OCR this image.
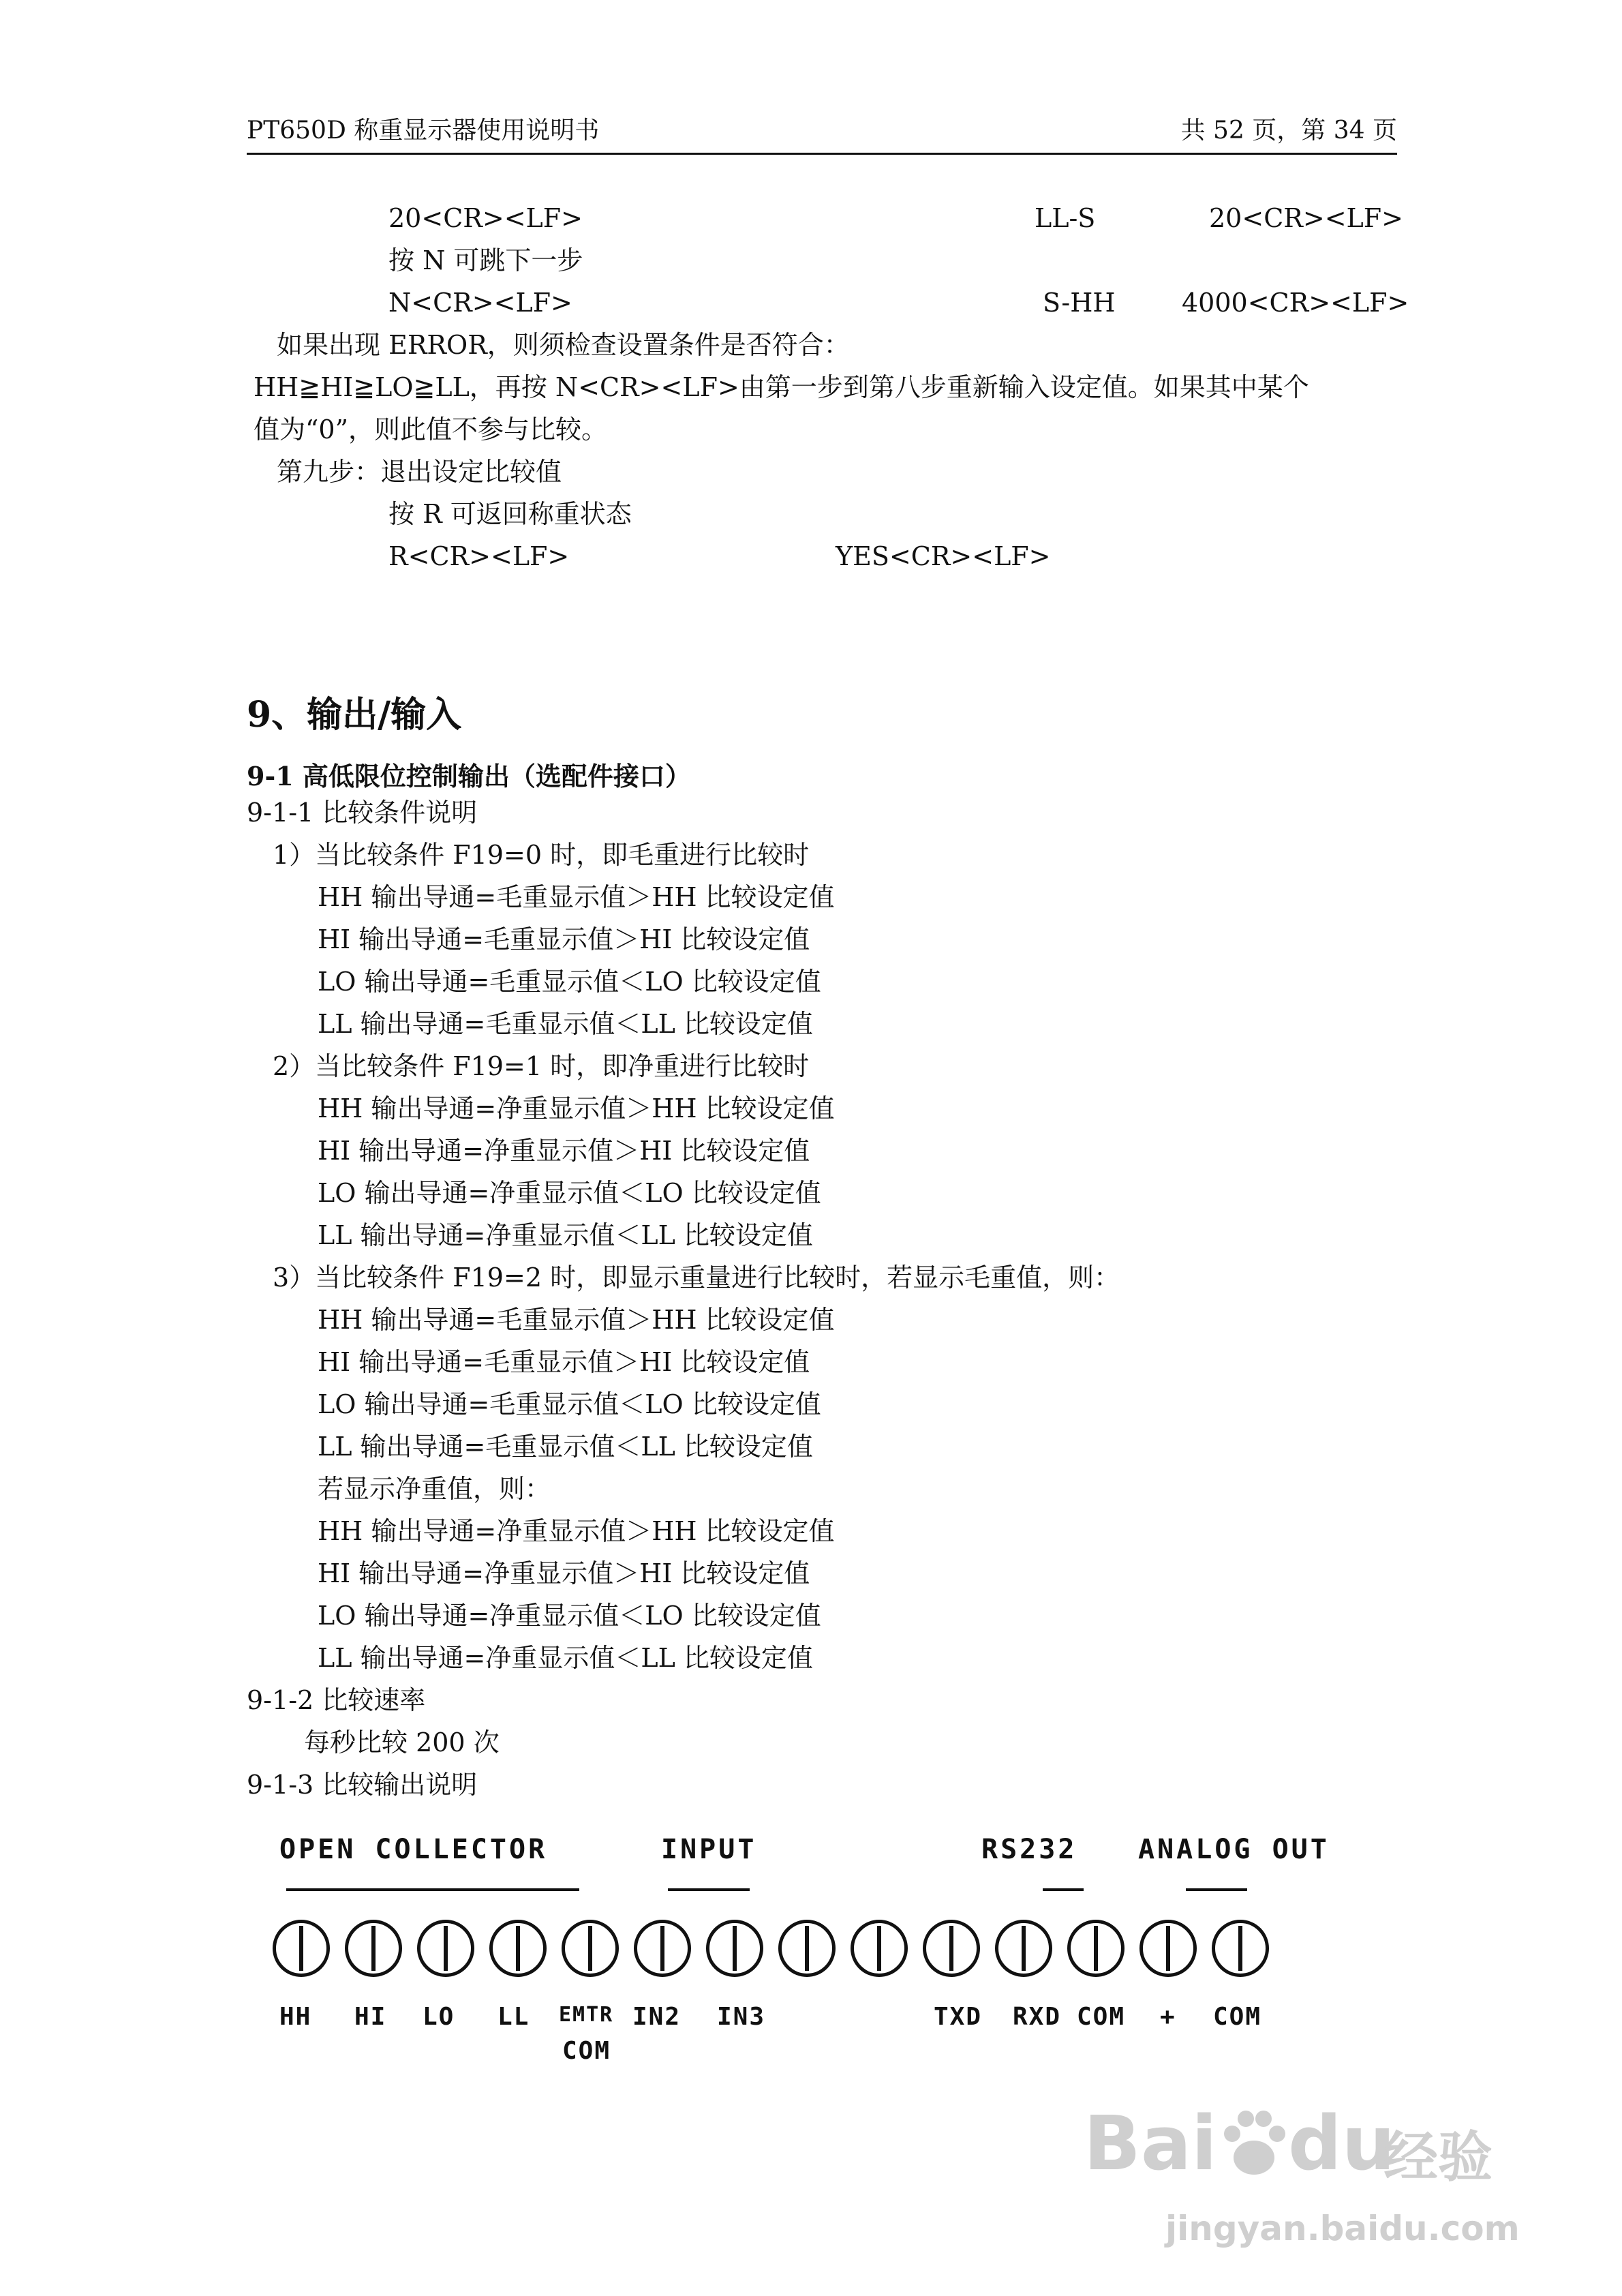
PT650D 称重显示器使用说明书	共 52 页，第 34 页
20<CR><LF>	LL-S	20<CR><LF>
按 N 可跳下一步
N<CR><LF>	S-HH	4000<CR><LF>
如果出现 ERROR，则须检查设置条件是否符合：
HH≧HI≧LO≧LL，再按 N<CR><LF>由第一步到第八步重新输入设定值。如果其中某个
值为“0”，则此值不参与比较。
第九步：退出设定比较值
按 R 可返回称重状态
R<CR><LF>	YES<CR><LF>
9、输出/输入
9-1 高低限位控制输出（选配件接口）
9-1-1 比较条件说明
1）当比较条件 F19=0 时，即毛重进行比较时
HH 输出导通=毛重显示值＞HH 比较设定值
HI 输出导通=毛重显示值＞HI 比较设定值
LO 输出导通=毛重显示值＜LO 比较设定值
LL 输出导通=毛重显示值＜LL 比较设定值
2）当比较条件 F19=1 时，即净重进行比较时
HH 输出导通=净重显示值＞HH 比较设定值
HI 输出导通=净重显示值＞HI 比较设定值
LO 输出导通=净重显示值＜LO 比较设定值
LL 输出导通=净重显示值＜LL 比较设定值
3）当比较条件 F19=2 时，即显示重量进行比较时，若显示毛重值，则：
HH 输出导通=毛重显示值＞HH 比较设定值
HI 输出导通=毛重显示值＞HI 比较设定值
LO 输出导通=毛重显示值＜LO 比较设定值
LL 输出导通=毛重显示值＜LL 比较设定值
若显示净重值，则：
HH 输出导通=净重显示值＞HH 比较设定值
HI 输出导通=净重显示值＞HI 比较设定值
LO 输出导通=净重显示值＜LO 比较设定值
LL 输出导通=净重显示值＜LL 比较设定值
9-1-2 比较速率
每秒比较 200 次
9-1-3 比较输出说明
OPEN COLLECTOR	INPUT	RS232 ANALOG OUT
HH HI LO LL EMTR
COM
IN2 IN3	TXD RXD COM + COM
Bai du
经验
jingyan.baidu.com
